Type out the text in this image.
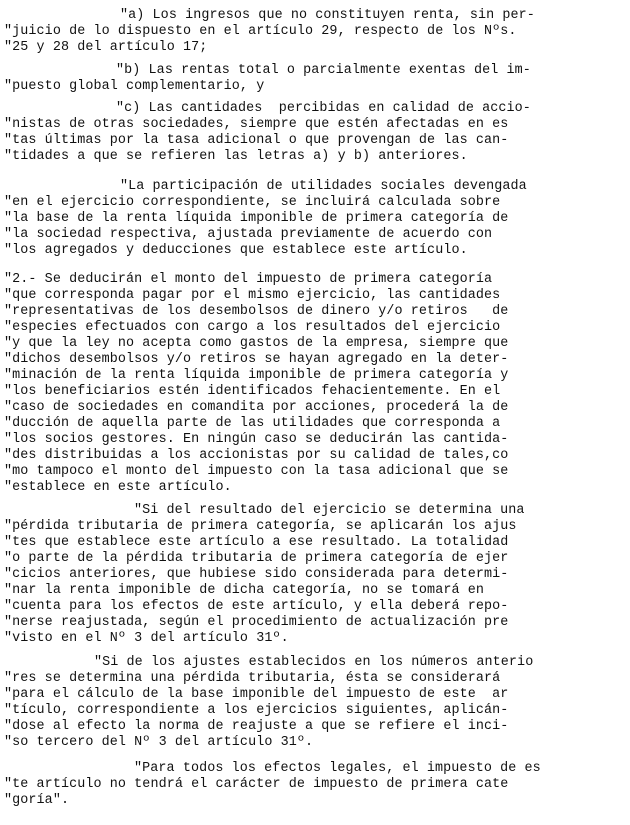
"a) Los ingresos que no constituyen renta, sin per-
"juicio de lo dispuesto en el artículo 29, respecto de los Nºs.
"25 y 28 del artículo 17;
"b) Las rentas total o parcialmente exentas del im-
"puesto global complementario, y
"c) Las cantidades  percibidas en calidad de accio-
"nistas de otras sociedades, siempre que estén afectadas en es
"tas últimas por la tasa adicional o que provengan de las can-
"tidades a que se refieren las letras a) y b) anteriores.
"La participación de utilidades sociales devengada
"en el ejercicio correspondiente, se incluirá calculada sobre
"la base de la renta líquida imponible de primera categoría de
"la sociedad respectiva, ajustada previamente de acuerdo con
"los agregados y deducciones que establece este artículo.
"2.- Se deducirán el monto del impuesto de primera categoría
"que corresponda pagar por el mismo ejercicio, las cantidades
"representativas de los desembolsos de dinero y/o retiros   de
"especies efectuados con cargo a los resultados del ejercicio
"y que la ley no acepta como gastos de la empresa, siempre que
"dichos desembolsos y/o retiros se hayan agregado en la deter-
"minación de la renta líquida imponible de primera categoría y
"los beneficiarios estén identificados fehacientemente. En el
"caso de sociedades en comandita por acciones, procederá la de
"ducción de aquella parte de las utilidades que corresponda a
"los socios gestores. En ningún caso se deducirán las cantida-
"des distribuidas a los accionistas por su calidad de tales,co
"mo tampoco el monto del impuesto con la tasa adicional que se
"establece en este artículo.
"Si del resultado del ejercicio se determina una
"pérdida tributaria de primera categoría, se aplicarán los ajus
"tes que establece este artículo a ese resultado. La totalidad
"o parte de la pérdida tributaria de primera categoría de ejer
"cicios anteriores, que hubiese sido considerada para determi-
"nar la renta imponible de dicha categoría, no se tomará en
"cuenta para los efectos de este artículo, y ella deberá repo-
"nerse reajustada, según el procedimiento de actualización pre
"visto en el Nº 3 del artículo 31º.
"Si de los ajustes establecidos en los números anterio
"res se determina una pérdida tributaria, ésta se considerará
"para el cálculo de la base imponible del impuesto de este  ar
"tículo, correspondiente a los ejercicios siguientes, aplicán-
"dose al efecto la norma de reajuste a que se refiere el inci-
"so tercero del Nº 3 del artículo 31º.
"Para todos los efectos legales, el impuesto de es
"te artículo no tendrá el carácter de impuesto de primera cate
"goría".
